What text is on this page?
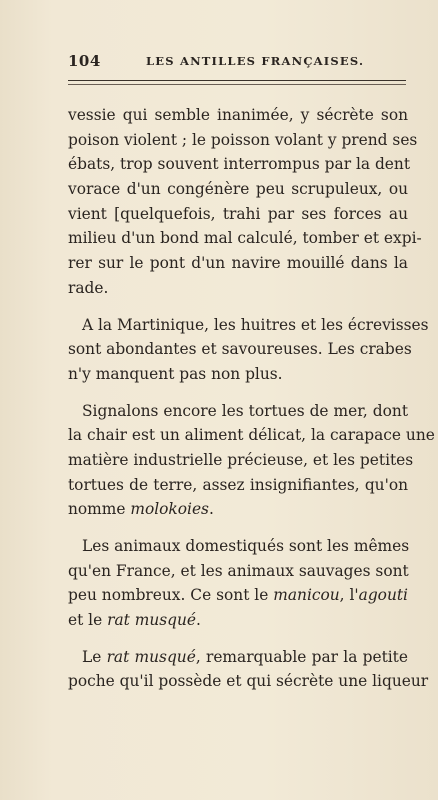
104	LES ANTILLES FRANÇAISES.
vessie qui semble inanimée, y sécrète son
poison violent ; le poisson volant y prend ses
ébats, trop souvent interrompus par la dent
vorace d'un congénère peu scrupuleux, ou
vient [quelquefois, trahi par ses forces au
milieu d'un bond mal calculé, tomber et expi-
rer sur le pont d'un navire mouillé dans la
rade.
A la Martinique, les huitres et les écrevisses
sont abondantes et savoureuses. Les crabes
n'y manquent pas non plus.
Signalons encore les tortues de mer, dont
la chair est un aliment délicat, la carapace une
matière industrielle précieuse, et les petites
tortues de terre, assez insignifiantes, qu'on
nomme molokoies.
Les animaux domestiqués sont les mêmes
qu'en France, et les animaux sauvages sont
peu nombreux. Ce sont le manicou, l'agouti
et le rat musqué.
Le rat musqué, remarquable par la petite
poche qu'il possède et qui sécrète une liqueur
